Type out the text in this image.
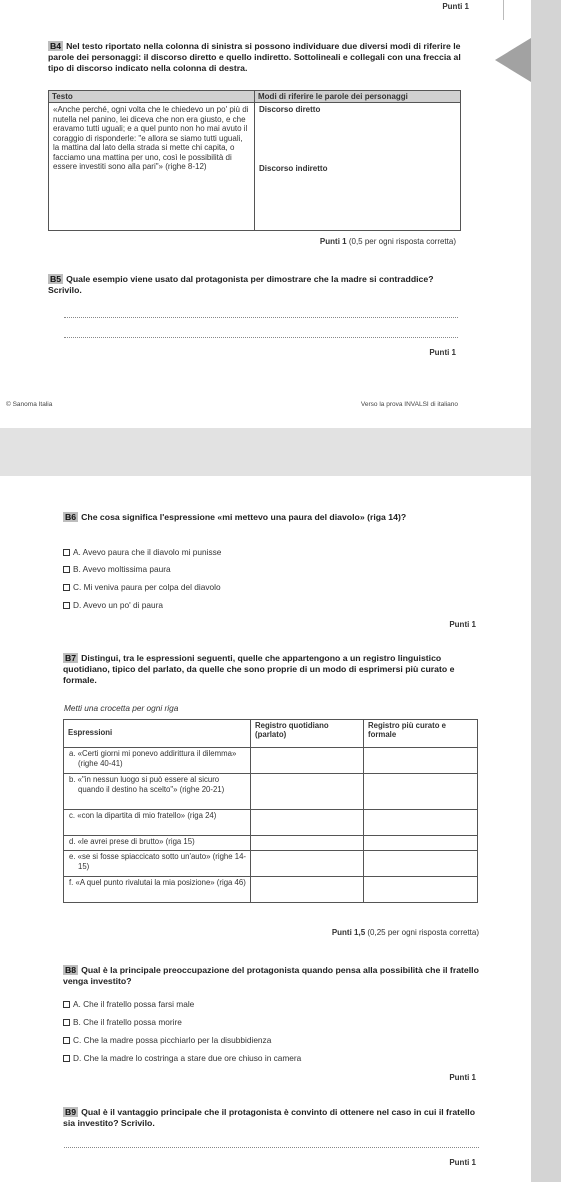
Punti 1
B4 Nel testo riportato nella colonna di sinistra si possono individuare due diversi modi di riferire le parole dei personaggi: il discorso diretto e quello indiretto. Sottolineali e collegali con una freccia al tipo di discorso indicato nella colonna di destra.
Testo	Modi di riferire le parole dei personaggi
«Anche perché, ogni volta che le chiedevo un po' più di nutella nel panino, lei diceva che non era giusto, e che eravamo tutti uguali; e a quel punto non ho mai avuto il coraggio di risponderle: "e allora se siamo tutti uguali, la mattina dal lato della strada si mette chi capita, o facciamo una mattina per uno, così le possibilità di essere investiti sono alla pari"» (righe 8-12)	Discorso diretto
Discorso indiretto
Punti 1 (0,5 per ogni risposta corretta)
B5 Quale esempio viene usato dal protagonista per dimostrare che la madre si contraddice? Scrivilo.
Punti 1
© Sanoma Italia	Verso la prova INVALSI di italiano
B6 Che cosa significa l'espressione «mi mettevo una paura del diavolo» (riga 14)?
A. Avevo paura che il diavolo mi punisse
B. Avevo moltissima paura
C. Mi veniva paura per colpa del diavolo
D. Avevo un po' di paura
Punti 1
B7 Distingui, tra le espressioni seguenti, quelle che appartengono a un registro linguistico quotidiano, tipico del parlato, da quelle che sono proprie di un modo di esprimersi più curato e formale.
Metti una crocetta per ogni riga
Espressioni	Registro quotidiano (parlato)	Registro più curato e formale
a. «Certi giorni mi ponevo addirittura il dilemma» (righe 40-41)		
b. «"in nessun luogo si può essere al sicuro quando il destino ha scelto"» (righe 20-21)		
c. «con la dipartita di mio fratello» (riga 24)		
d. «le avrei prese di brutto» (riga 15)		
e. «se si fosse spiaccicato sotto un'auto» (righe 14-15)		
f. «A quel punto rivalutai la mia posizione» (riga 46)		
Punti 1,5 (0,25 per ogni risposta corretta)
B8 Qual è la principale preoccupazione del protagonista quando pensa alla possibilità che il fratello venga investito?
A. Che il fratello possa farsi male
B. Che il fratello possa morire
C. Che la madre possa picchiarlo per la disubbidienza
D. Che la madre lo costringa a stare due ore chiuso in camera
Punti 1
B9 Qual è il vantaggio principale che il protagonista è convinto di ottenere nel caso in cui il fratello sia investito? Scrivilo.
Punti 1
